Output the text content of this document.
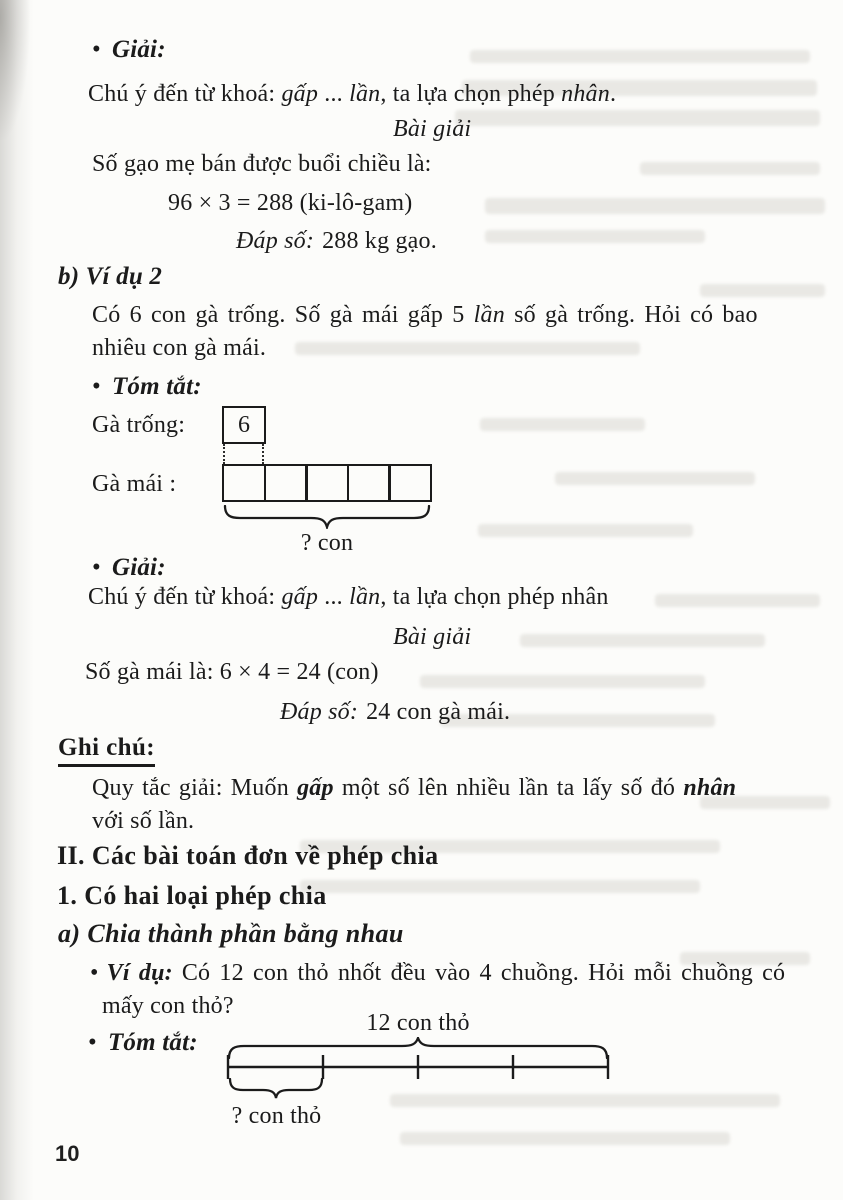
• Giải:
Chú ý đến từ khoá: gấp ... lần, ta lựa chọn phép nhân.
Bài giải
Số gạo mẹ bán được buổi chiều là:
96 × 3 = 288 (ki-lô-gam)
Đáp số: 288 kg gạo.
b) Ví dụ 2
Có 6 con gà trống. Số gà mái gấp 5 lần số gà trống. Hỏi có bao
nhiêu con gà mái.
• Tóm tắt:
Gà trống: 6
Gà mái :
? con
• Giải:
Chú ý đến từ khoá: gấp ... lần, ta lựa chọn phép nhân
Bài giải
Số gà mái là: 6 × 4 = 24 (con)
Đáp số: 24 con gà mái.
Ghi chú:
Quy tắc giải: Muốn gấp một số lên nhiều lần ta lấy số đó nhân
với số lần.
II. Các bài toán đơn về phép chia
1. Có hai loại phép chia
a) Chia thành phần bằng nhau
• Ví dụ: Có 12 con thỏ nhốt đều vào 4 chuồng. Hỏi mỗi chuồng có
mấy con thỏ?
• Tóm tắt:
12 con thỏ
? con thỏ
10
